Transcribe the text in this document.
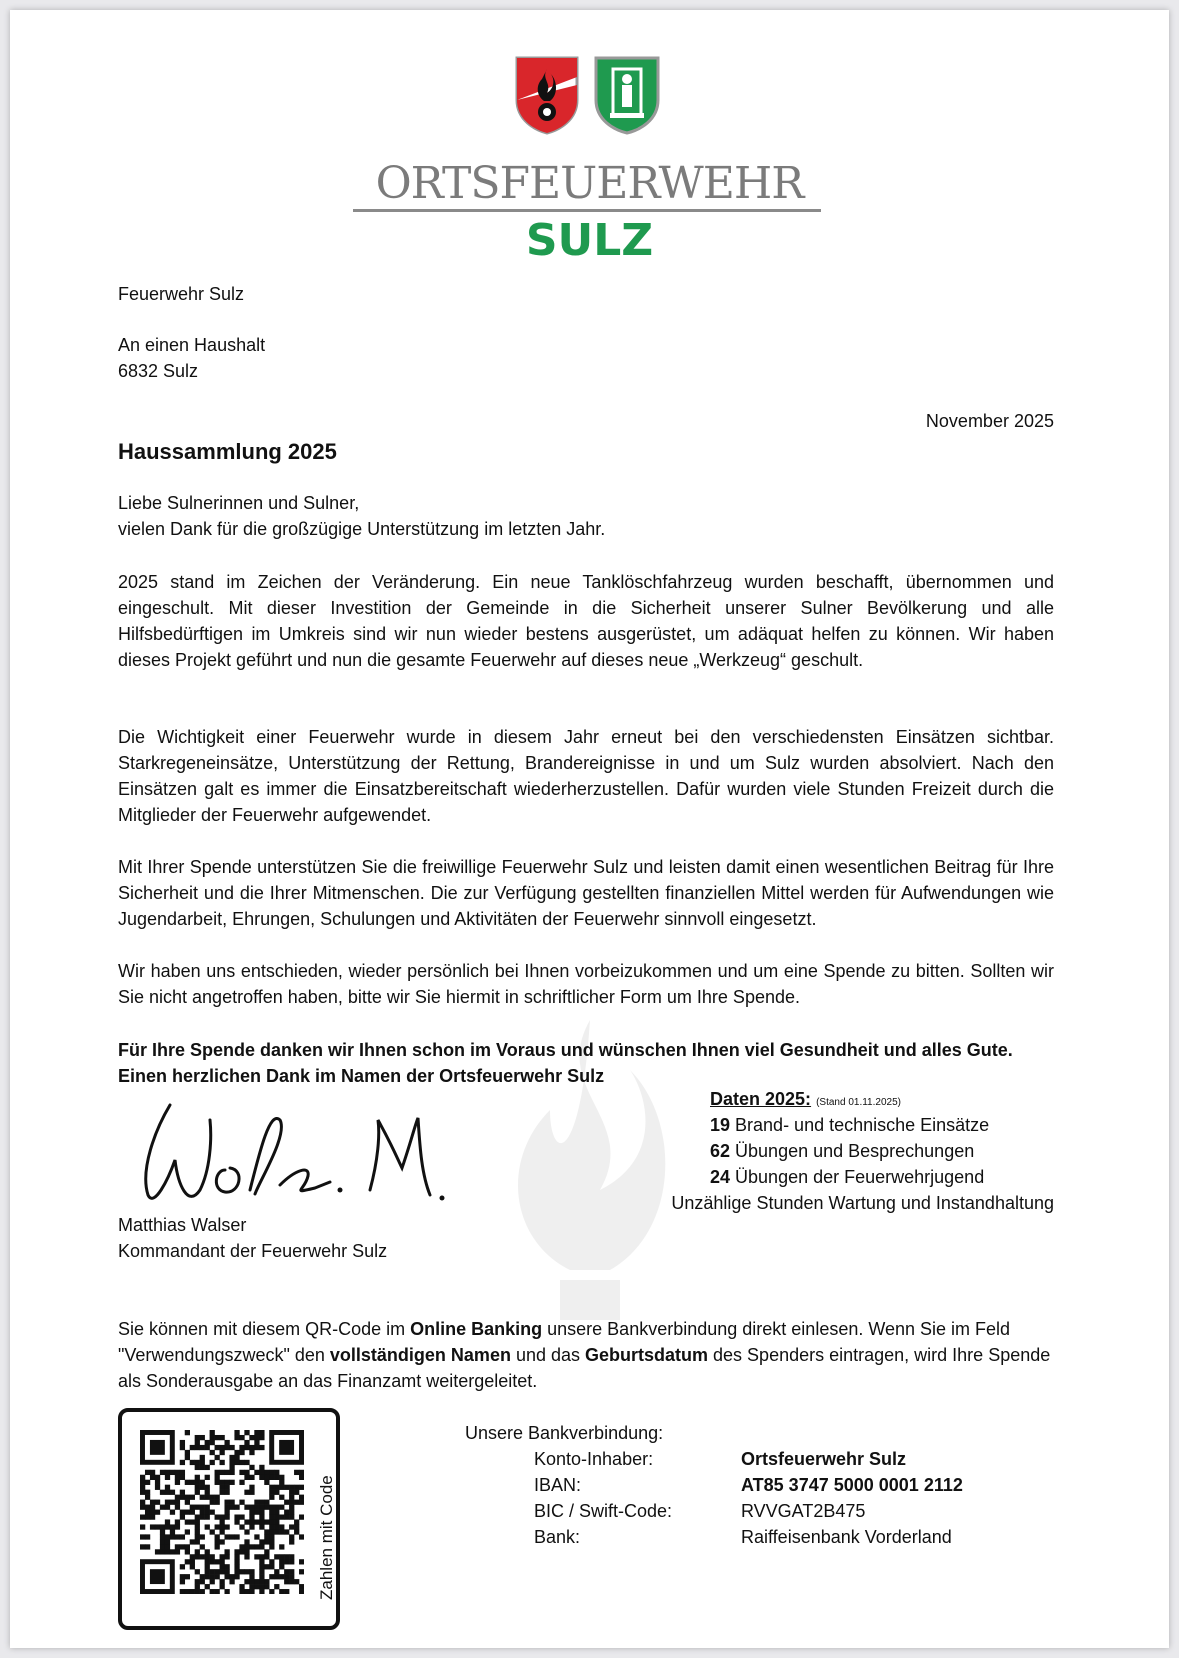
ORTSFEUERWEHR
SULZ
Feuerwehr Sulz
An einen Haushalt
6832 Sulz
November 2025
Haussammlung 2025
Liebe Sulnerinnen und Sulner,
vielen Dank für die großzügige Unterstützung im letzten Jahr.
2025 stand im Zeichen der Veränderung. Ein neue Tanklöschfahrzeug wurden beschafft, übernommen und eingeschult. Mit dieser Investition der Gemeinde in die Sicherheit unserer Sulner Bevölkerung und alle Hilfsbedürftigen im Umkreis sind wir nun wieder bestens ausgerüstet, um adäquat helfen zu können. Wir haben dieses Projekt geführt und nun die gesamte Feuerwehr auf dieses neue „Werkzeug“ geschult.
Die Wichtigkeit einer Feuerwehr wurde in diesem Jahr erneut bei den verschiedensten Einsätzen sichtbar. Starkregeneinsätze, Unterstützung der Rettung, Brandereignisse in und um Sulz wurden absolviert. Nach den Einsätzen galt es immer die Einsatzbereitschaft wiederherzustellen. Dafür wurden viele Stunden Freizeit durch die Mitglieder der Feuerwehr aufgewendet.
Mit Ihrer Spende unterstützen Sie die freiwillige Feuerwehr Sulz und leisten damit einen wesentlichen Beitrag für Ihre Sicherheit und die Ihrer Mitmenschen. Die zur Verfügung gestellten finanziellen Mittel werden für Aufwendungen wie Jugendarbeit, Ehrungen, Schulungen und Aktivitäten der Feuerwehr sinnvoll eingesetzt.
Wir haben uns entschieden, wieder persönlich bei Ihnen vorbeizukommen und um eine Spende zu bitten. Sollten wir Sie nicht angetroffen haben, bitte wir Sie hiermit in schriftlicher Form um Ihre Spende.
Für Ihre Spende danken wir Ihnen schon im Voraus und wünschen Ihnen viel Gesundheit und alles Gute.
Einen herzlichen Dank im Namen der Ortsfeuerwehr Sulz
Matthias Walser
Kommandant der Feuerwehr Sulz
Daten 2025: (Stand 01.11.2025)
19 Brand- und technische Einsätze
62 Übungen und Besprechungen
24 Übungen der Feuerwehrjugend
Unzählige Stunden Wartung und Instandhaltung
Sie können mit diesem QR-Code im Online Banking unsere Bankverbindung direkt einlesen. Wenn Sie im Feld "Verwendungszweck" den vollständigen Namen und das Geburtsdatum des Spenders eintragen, wird Ihre Spende als Sonderausgabe an das Finanzamt weitergeleitet.
Zahlen mit Code
Unsere Bankverbindung:
Konto-Inhaber:	Ortsfeuerwehr Sulz
IBAN:	AT85 3747 5000 0001 2112
BIC / Swift-Code:	RVVGAT2B475
Bank:	Raiffeisenbank Vorderland
